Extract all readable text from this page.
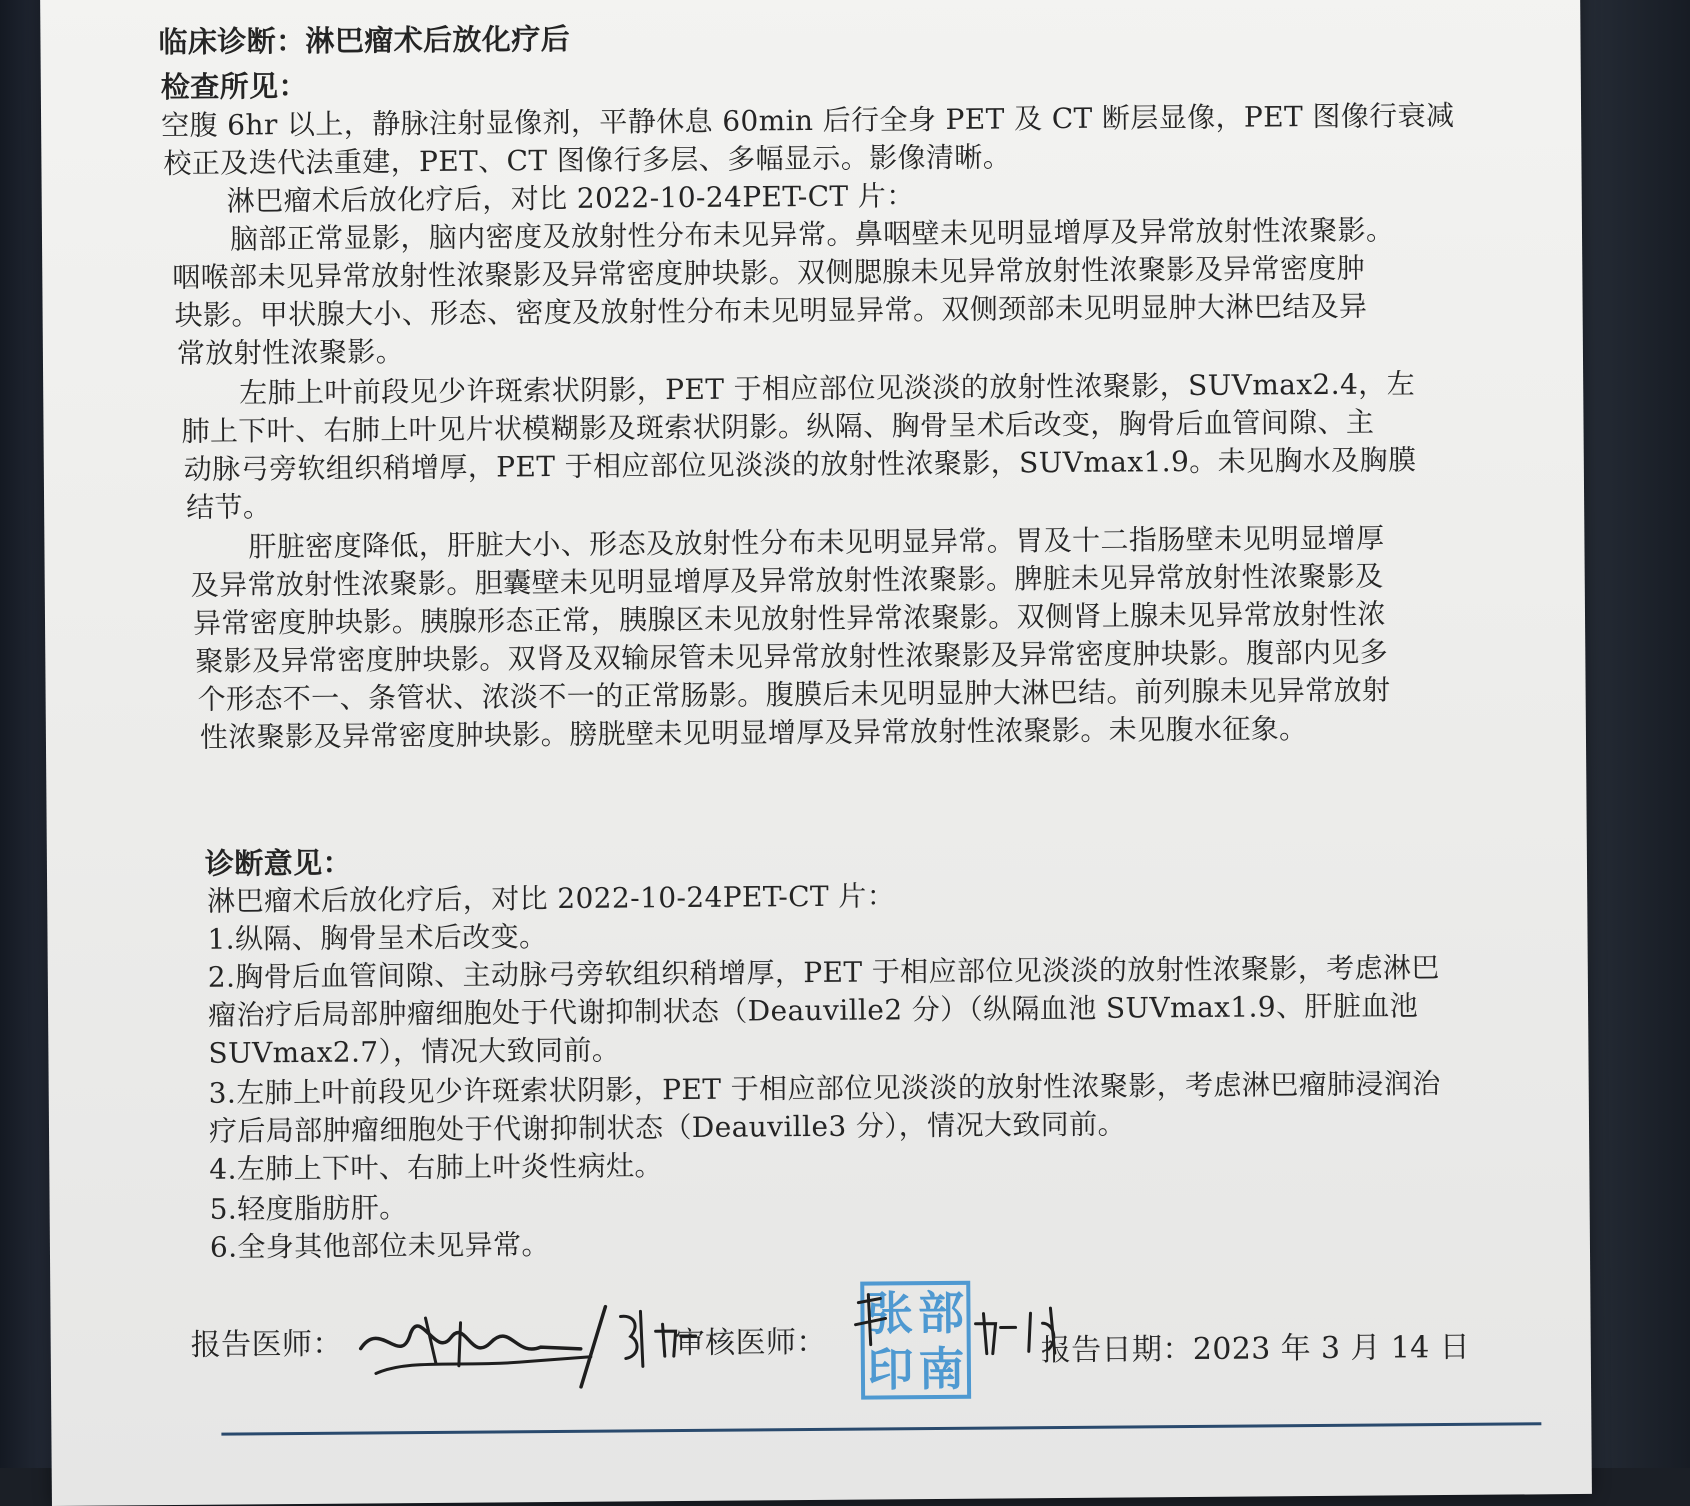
临床诊断：淋巴瘤术后放化疗后
检查所见：
空腹 6hr 以上，静脉注射显像剂，平静休息 60min 后行全身 PET 及 CT 断层显像，PET 图像行衰减
校正及迭代法重建，PET、CT 图像行多层、多幅显示。影像清晰。
淋巴瘤术后放化疗后，对比 2022-10-24PET-CT 片：
脑部正常显影，脑内密度及放射性分布未见异常。鼻咽壁未见明显增厚及异常放射性浓聚影。
咽喉部未见异常放射性浓聚影及异常密度肿块影。双侧腮腺未见异常放射性浓聚影及异常密度肿
块影。甲状腺大小、形态、密度及放射性分布未见明显异常。双侧颈部未见明显肿大淋巴结及异
常放射性浓聚影。
左肺上叶前段见少许斑索状阴影，PET 于相应部位见淡淡的放射性浓聚影，SUVmax2.4，左
肺上下叶、右肺上叶见片状模糊影及斑索状阴影。纵隔、胸骨呈术后改变，胸骨后血管间隙、主
动脉弓旁软组织稍增厚，PET 于相应部位见淡淡的放射性浓聚影，SUVmax1.9。未见胸水及胸膜
结节。
肝脏密度降低，肝脏大小、形态及放射性分布未见明显异常。胃及十二指肠壁未见明显增厚
及异常放射性浓聚影。胆囊壁未见明显增厚及异常放射性浓聚影。脾脏未见异常放射性浓聚影及
异常密度肿块影。胰腺形态正常，胰腺区未见放射性异常浓聚影。双侧肾上腺未见异常放射性浓
聚影及异常密度肿块影。双肾及双输尿管未见异常放射性浓聚影及异常密度肿块影。腹部内见多
个形态不一、条管状、浓淡不一的正常肠影。腹膜后未见明显肿大淋巴结。前列腺未见异常放射
性浓聚影及异常密度肿块影。膀胱壁未见明显增厚及异常放射性浓聚影。未见腹水征象。
诊断意见：
淋巴瘤术后放化疗后，对比 2022-10-24PET-CT 片：
1.纵隔、胸骨呈术后改变。
2.胸骨后血管间隙、主动脉弓旁软组织稍增厚，PET 于相应部位见淡淡的放射性浓聚影，考虑淋巴
瘤治疗后局部肿瘤细胞处于代谢抑制状态（Deauville2 分）（纵隔血池 SUVmax1.9、肝脏血池
SUVmax2.7），情况大致同前。
3.左肺上叶前段见少许斑索状阴影，PET 于相应部位见淡淡的放射性浓聚影，考虑淋巴瘤肺浸润治
疗后局部肿瘤细胞处于代谢抑制状态（Deauville3 分），情况大致同前。
4.左肺上下叶、右肺上叶炎性病灶。
5.轻度脂肪肝。
6.全身其他部位未见异常。
报告医师：	审核医师：
张 部
印 南	报告日期：2023 年 3 月 14 日
